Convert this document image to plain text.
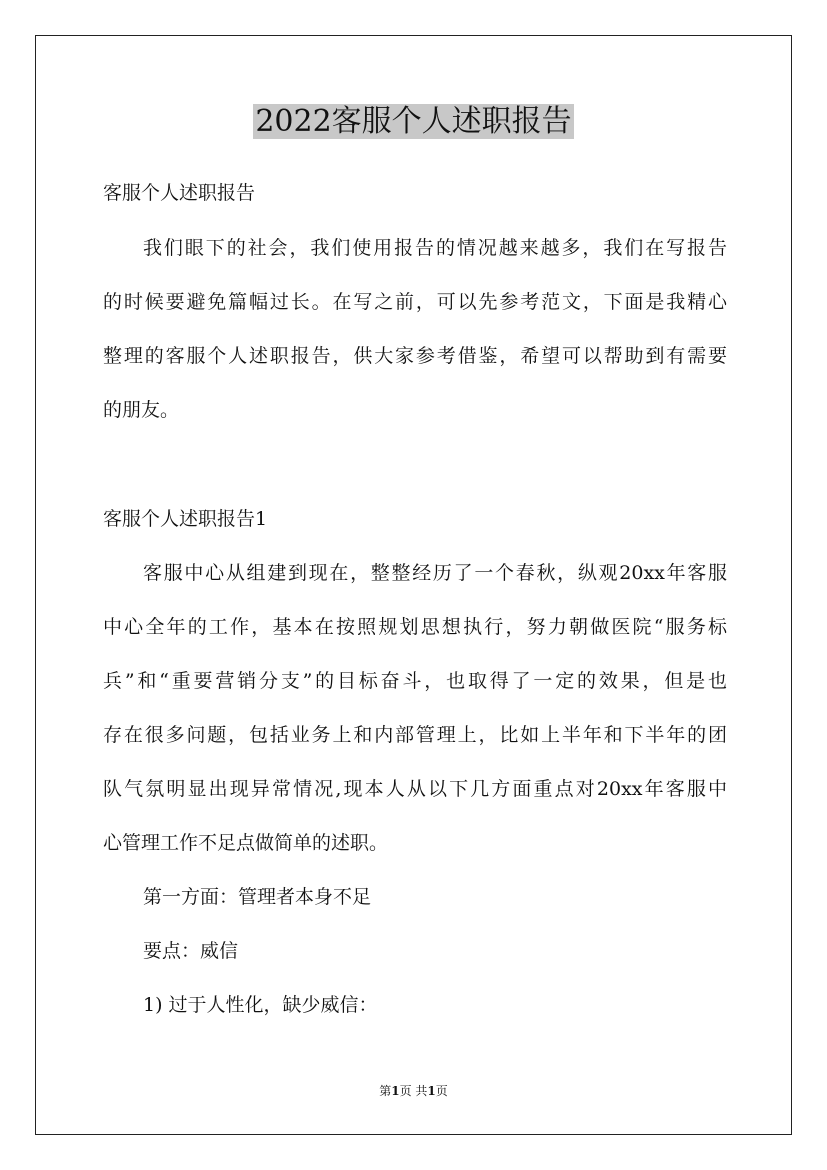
2022客服个人述职报告

客服个人述职报告

我们眼下的社会，我们使用报告的情况越来越多，我们在写报告

的时候要避免篇幅过长。在写之前，可以先参考范文，下面是我精心

整理的客服个人述职报告，供大家参考借鉴，希望可以帮助到有需要

的朋友。

客服个人述职报告1

客服中心从组建到现在，整整经历了一个春秋，纵观20xx年客服

中心全年的工作，基本在按照规划思想执行，努力朝做医院“服务标

兵”和“重要营销分支”的目标奋斗，也取得了一定的效果，但是也

存在很多问题，包括业务上和内部管理上，比如上半年和下半年的团

队气氛明显出现异常情况,现本人从以下几方面重点对20xx年客服中

心管理工作不足点做简单的述职。

第一方面：管理者本身不足

要点：威信

1) 过于人性化，缺少威信：

第1页 共1页
